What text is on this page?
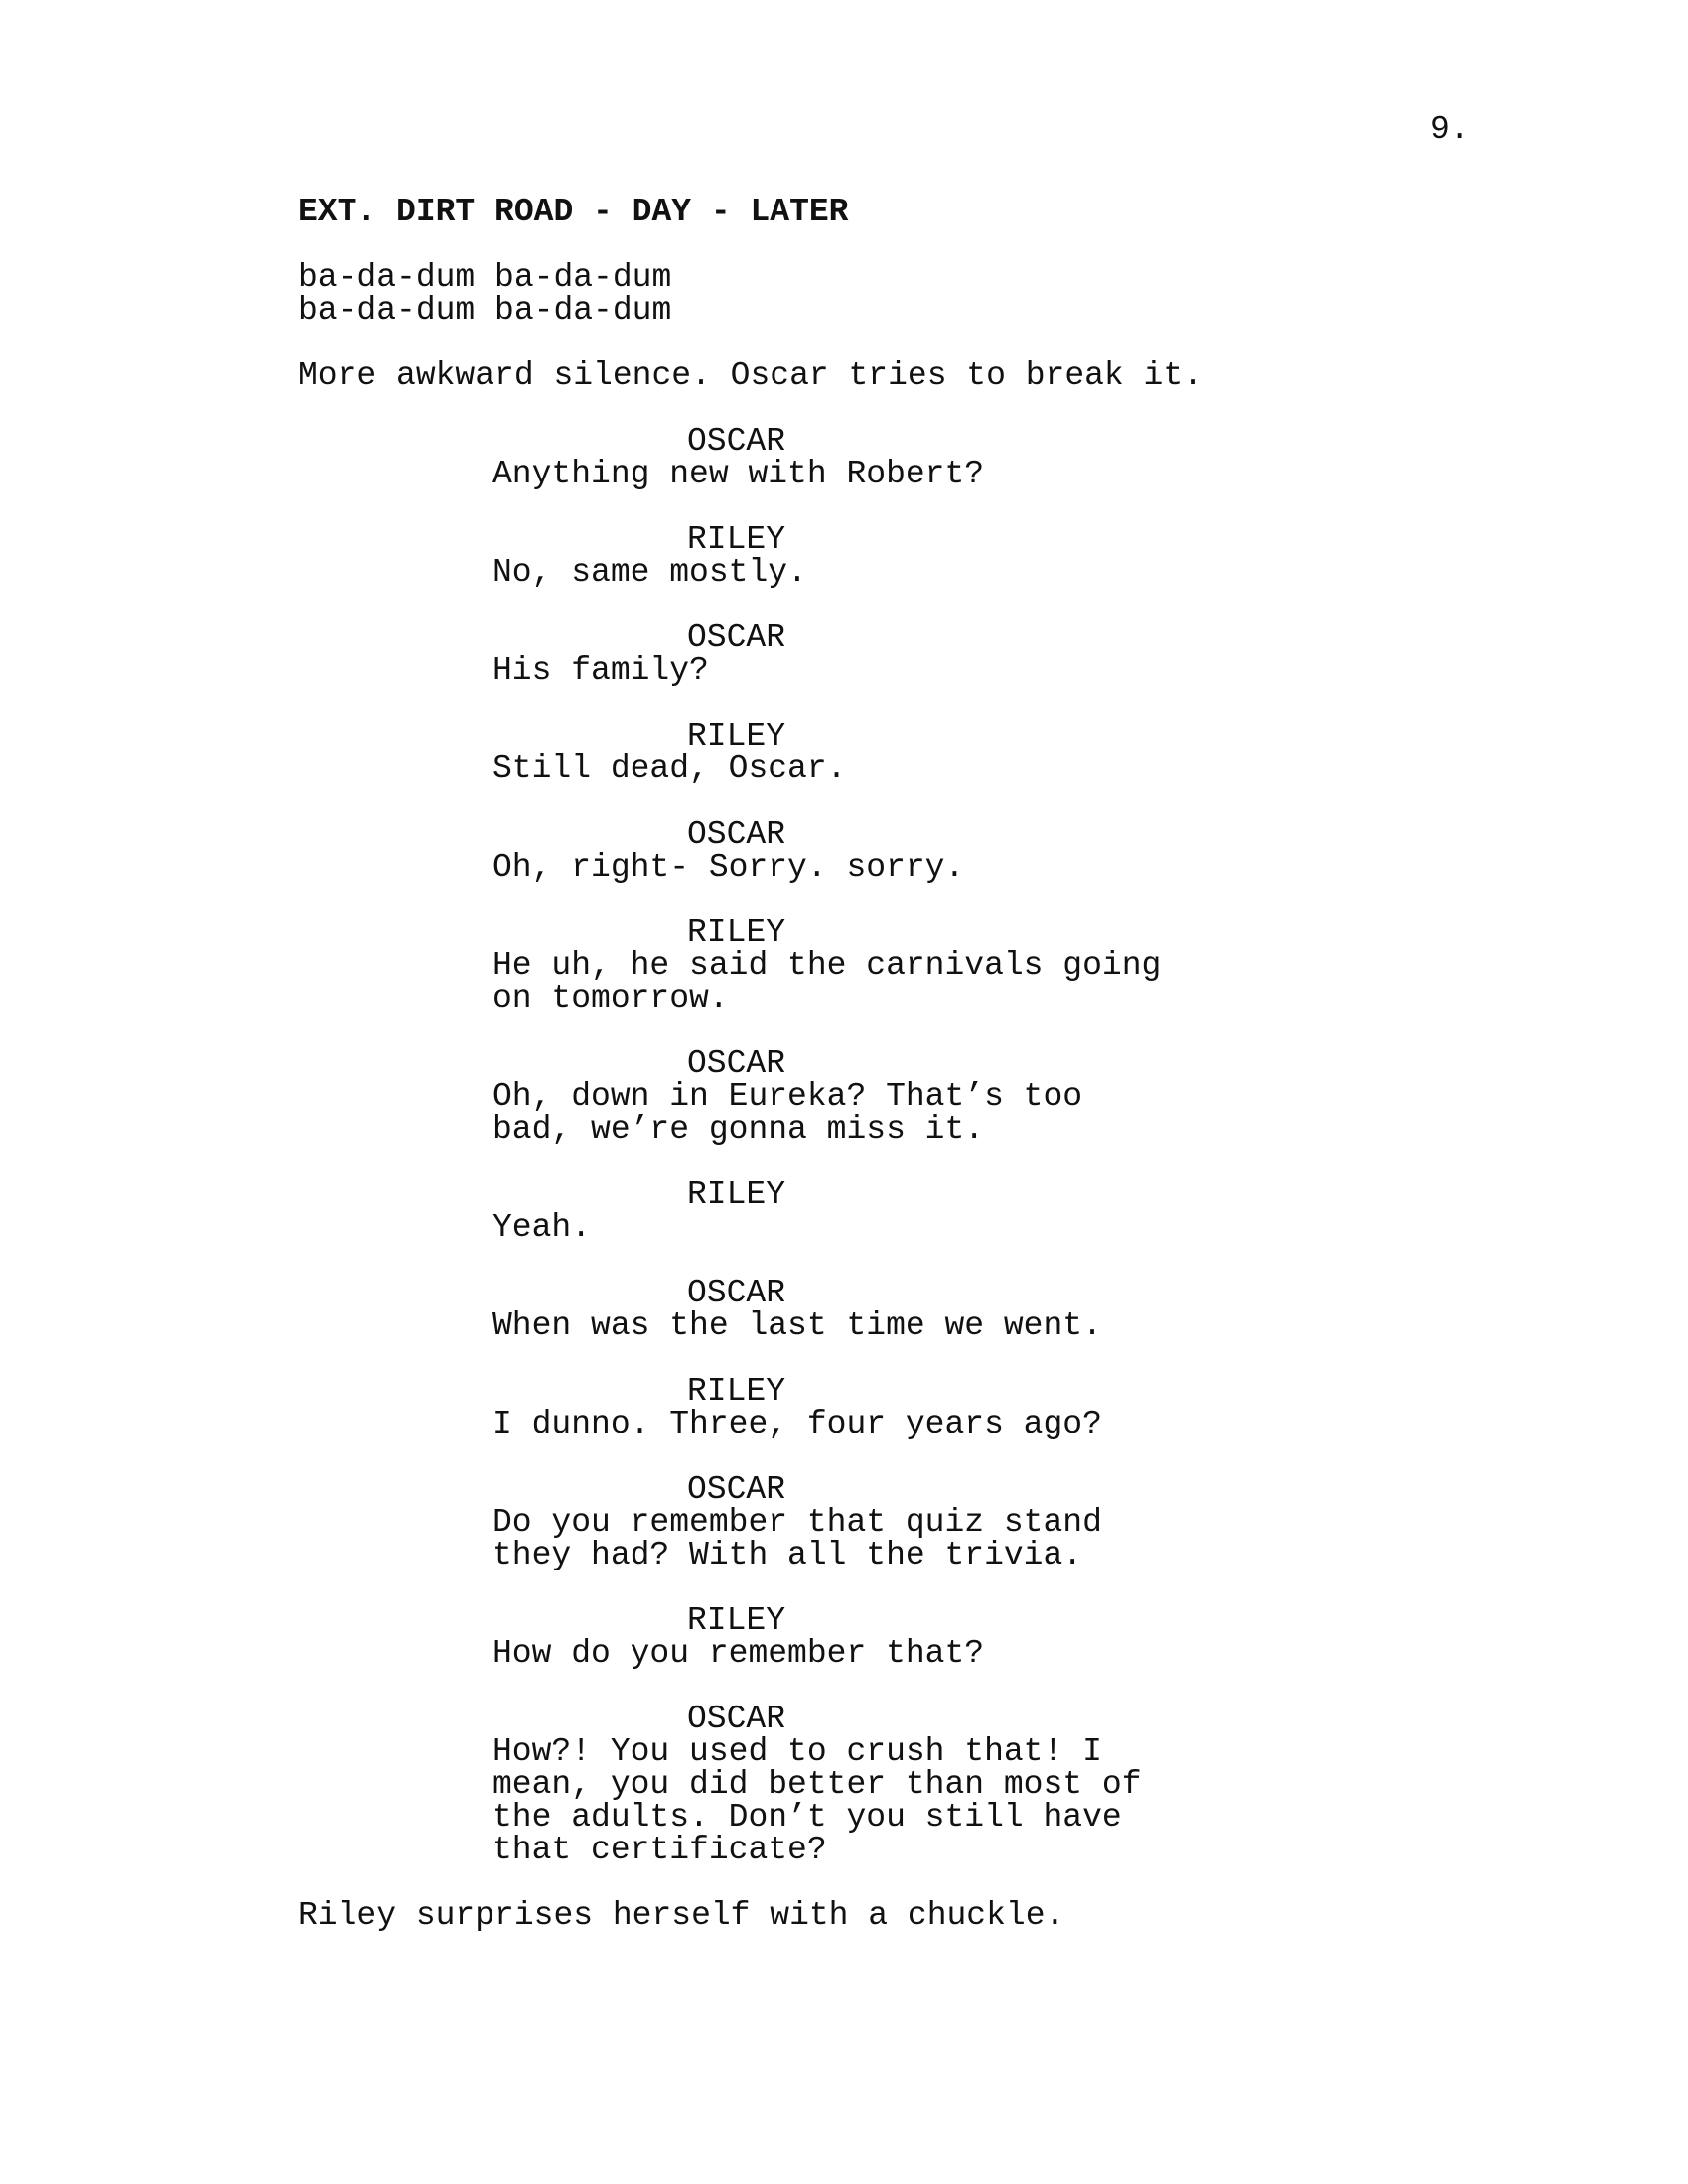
9.
EXT. DIRT ROAD - DAY - LATER
ba-da-dum ba-da-dum
ba-da-dum ba-da-dum
More awkward silence. Oscar tries to break it.
OSCAR
Anything new with Robert?
RILEY
No, same mostly.
OSCAR
His family?
RILEY
Still dead, Oscar.
OSCAR
Oh, right- Sorry. sorry.
RILEY
He uh, he said the carnivals going
on tomorrow.
OSCAR
Oh, down in Eureka? That’s too
bad, we’re gonna miss it.
RILEY
Yeah.
OSCAR
When was the last time we went.
RILEY
I dunno. Three, four years ago?
OSCAR
Do you remember that quiz stand
they had? With all the trivia.
RILEY
How do you remember that?
OSCAR
How?! You used to crush that! I
mean, you did better than most of
the adults. Don’t you still have
that certificate?
Riley surprises herself with a chuckle.
